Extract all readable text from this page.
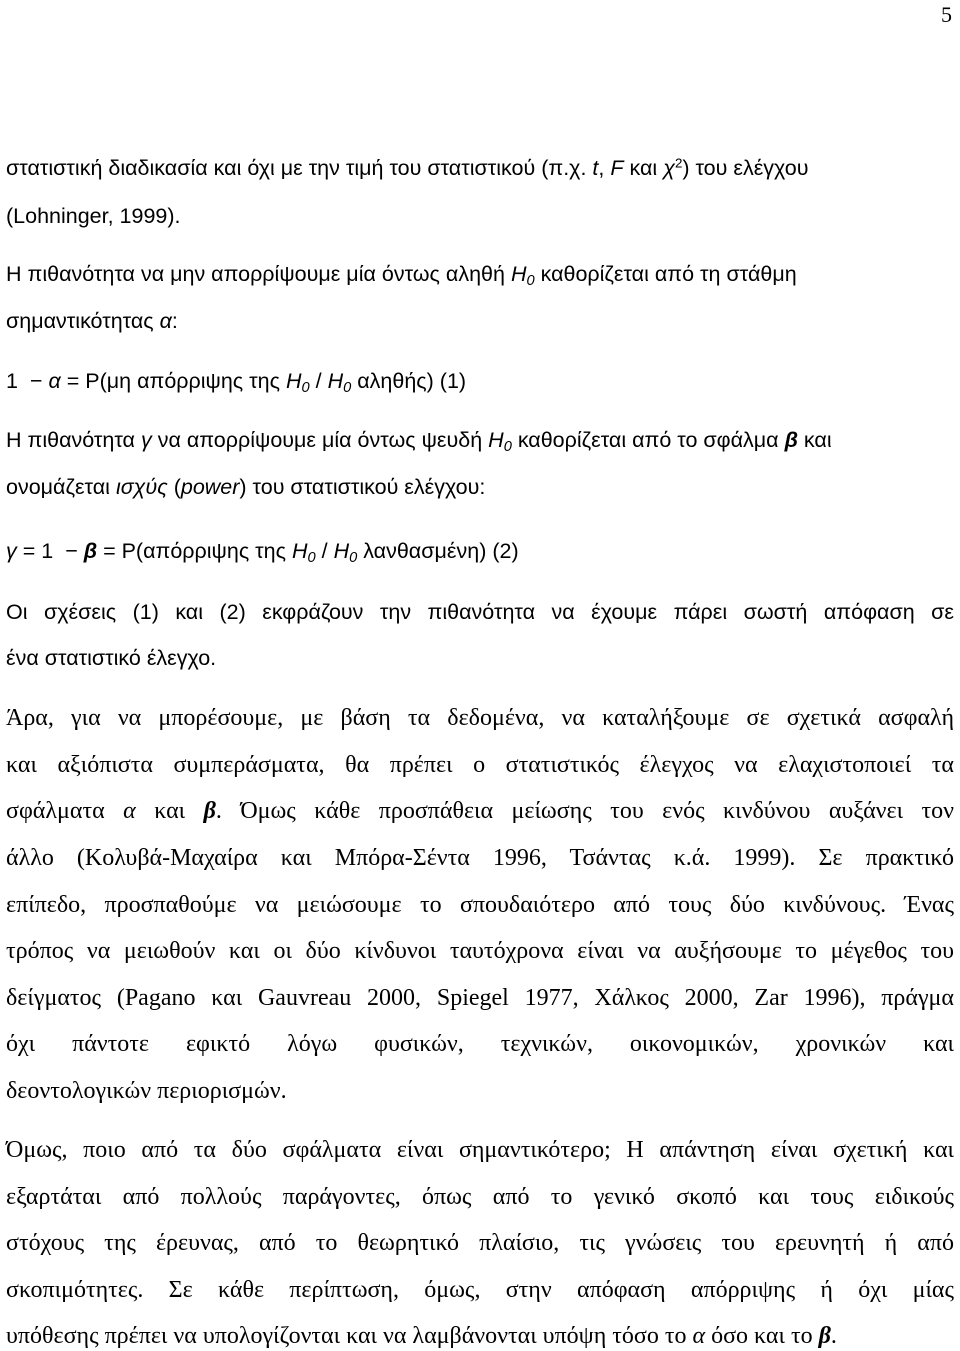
5
στατιστική διαδικασία και όχι με την τιμή του στατιστικού (π.χ. t, F και $\chi^2$) του ελέγχου
(Lohninger, 1999).
Η πιθανότητα να μην απορρίψουμε μία όντως αληθή $H_0$ καθορίζεται από τη στάθμη
σημαντικότητας α:
1 − α = P(μη απόρριψης της $H_0 / H_0$ αληθής) (1)
Η πιθανότητα γ να απορρίψουμε μία όντως ψευδή $H_0$ καθορίζεται από το σφάλμα β και
ονομάζεται ισχύς (power) του στατιστικού ελέγχου:
γ = 1 − β = P(απόρριψης της $H_0 / H_0$ λανθασμένη) (2)
Οι σχέσεις (1) και (2) εκφράζουν την πιθανότητα να έχουμε πάρει σωστή απόφαση σε
ένα στατιστικό έλεγχο.
Άρα, για να μπορέσουμε, με βάση τα δεδομένα, να καταλήξουμε σε σχετικά ασφαλή
και αξιόπιστα συμπεράσματα, θα πρέπει ο στατιστικός έλεγχος να ελαχιστοποιεί τα
σφάλματα α και β. Όμως κάθε προσπάθεια μείωσης του ενός κινδύνου αυξάνει τον
άλλο (Κολυβά-Μαχαίρα και Μπόρα-Σέντα 1996, Τσάντας κ.ά. 1999). Σε πρακτικό
επίπεδο, προσπαθούμε να μειώσουμε το σπουδαιότερο από τους δύο κινδύνους. Ένας
τρόπος να μειωθούν και οι δύο κίνδυνοι ταυτόχρονα είναι να αυξήσουμε το μέγεθος του
δείγματος (Pagano και Gauvreau 2000, Spiegel 1977, Χάλκος 2000, Zar 1996), πράγμα
όχι πάντοτε εφικτό λόγω φυσικών, τεχνικών, οικονομικών, χρονικών και
δεοντολογικών περιορισμών.
Όμως, ποιο από τα δύο σφάλματα είναι σημαντικότερο; Η απάντηση είναι σχετική και
εξαρτάται από πολλούς παράγοντες, όπως από το γενικό σκοπό και τους ειδικούς
στόχους της έρευνας, από το θεωρητικό πλαίσιο, τις γνώσεις του ερευνητή ή από
σκοπιμότητες. Σε κάθε περίπτωση, όμως, στην απόφαση απόρριψης ή όχι μίας
υπόθεσης πρέπει να υπολογίζονται και να λαμβάνονται υπόψη τόσο το α όσο και το β.
